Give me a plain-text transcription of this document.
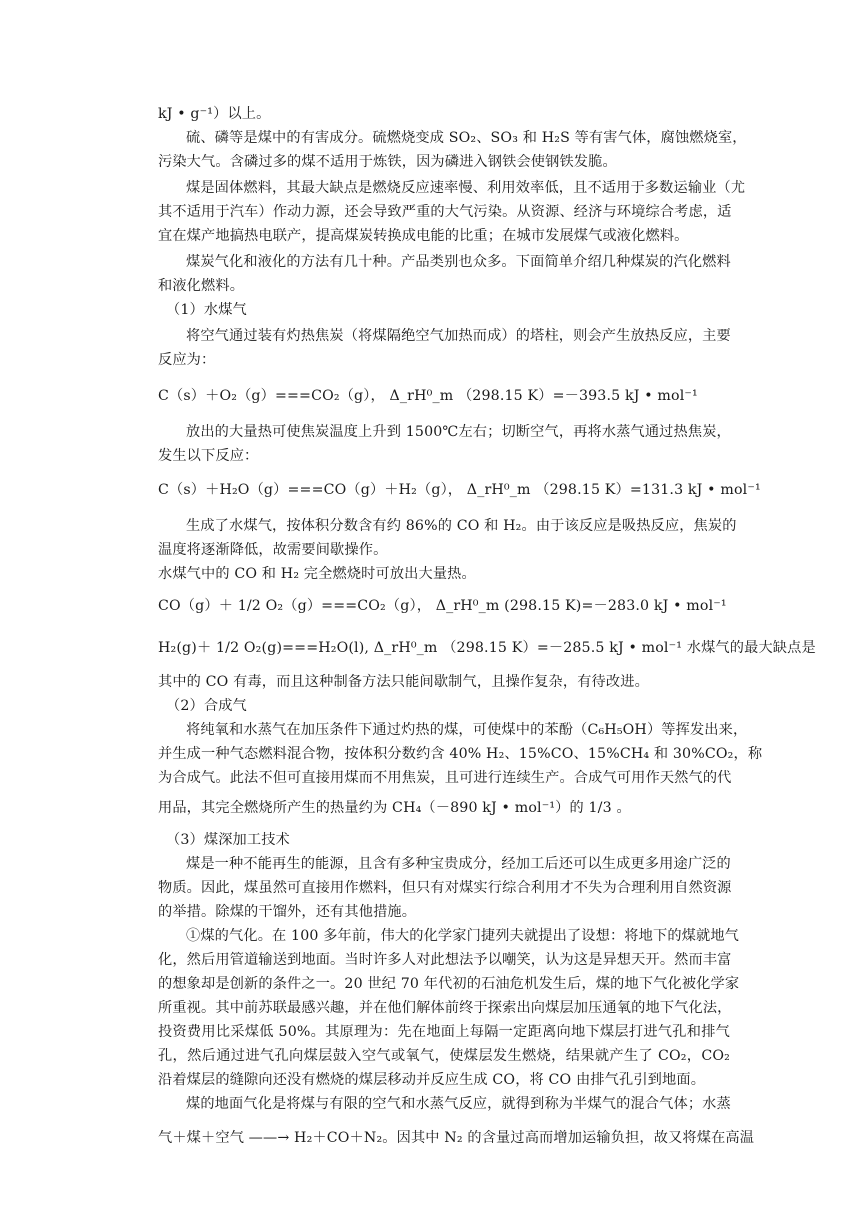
kJ • g⁻¹）以上。
硫、磷等是煤中的有害成分。硫燃烧变成 SO₂、SO₃ 和 H₂S 等有害气体，腐蚀燃烧室，
污染大气。含磷过多的煤不适用于炼铁，因为磷进入钢铁会使钢铁发脆。
煤是固体燃料，其最大缺点是燃烧反应速率慢、利用效率低，且不适用于多数运输业（尤
其不适用于汽车）作动力源，还会导致严重的大气污染。从资源、经济与环境综合考虑，适
宜在煤产地搞热电联产，提高煤炭转换成电能的比重；在城市发展煤气或液化燃料。
煤炭气化和液化的方法有几十种。产品类别也众多。下面简单介绍几种煤炭的汽化燃料
和液化燃料。
（1）水煤气
将空气通过装有灼热焦炭（将煤隔绝空气加热而成）的塔柱，则会产生放热反应，主要
反应为：
C（s）＋O₂（g）===CO₂（g）， Δ_rH⁰_m （298.15 K）=－393.5 kJ • mol⁻¹
放出的大量热可使焦炭温度上升到 1500℃左右；切断空气，再将水蒸气通过热焦炭，
发生以下反应：
C（s）＋H₂O（g）===CO（g）＋H₂（g）， Δ_rH⁰_m （298.15 K）=131.3 kJ • mol⁻¹
生成了水煤气，按体积分数含有约 86%的 CO 和 H₂。由于该反应是吸热反应，焦炭的
温度将逐渐降低，故需要间歇操作。
水煤气中的 CO 和 H₂ 完全燃烧时可放出大量热。
CO（g）＋ 1/2 O₂（g）===CO₂（g）， Δ_rH⁰_m (298.15 K)=－283.0 kJ • mol⁻¹
H₂(g)＋ 1/2 O₂(g)===H₂O(l), Δ_rH⁰_m （298.15 K）=－285.5 kJ • mol⁻¹ 水煤气的最大缺点是
其中的 CO 有毒，而且这种制备方法只能间歇制气，且操作复杂，有待改进。
（2）合成气
将纯氧和水蒸气在加压条件下通过灼热的煤，可使煤中的苯酚（C₆H₅OH）等挥发出来，
并生成一种气态燃料混合物，按体积分数约含 40% H₂、15%CO、15%CH₄ 和 30%CO₂，称
为合成气。此法不但可直接用煤而不用焦炭，且可进行连续生产。合成气可用作天然气的代
用品，其完全燃烧所产生的热量约为 CH₄（－890 kJ • mol⁻¹）的 1/3 。
（3）煤深加工技术
煤是一种不能再生的能源，且含有多种宝贵成分，经加工后还可以生成更多用途广泛的
物质。因此，煤虽然可直接用作燃料，但只有对煤实行综合利用才不失为合理利用自然资源
的举措。除煤的干馏外，还有其他措施。
①煤的气化。在 100 多年前，伟大的化学家门捷列夫就提出了设想：将地下的煤就地气
化，然后用管道输送到地面。当时许多人对此想法予以嘲笑，认为这是异想天开。然而丰富
的想象却是创新的条件之一。20 世纪 70 年代初的石油危机发生后，煤的地下气化被化学家
所重视。其中前苏联最感兴趣，并在他们解体前终于探索出向煤层加压通氧的地下气化法，
投资费用比采煤低 50%。其原理为：先在地面上每隔一定距离向地下煤层打进气孔和排气
孔，然后通过进气孔向煤层鼓入空气或氧气，使煤层发生燃烧，结果就产生了 CO₂，CO₂
沿着煤层的缝隙向还没有燃烧的煤层移动并反应生成 CO，将 CO 由排气孔引到地面。
煤的地面气化是将煤与有限的空气和水蒸气反应，就得到称为半煤气的混合气体；水蒸
气＋煤＋空气 ——→ H₂＋CO＋N₂。因其中 N₂ 的含量过高而增加运输负担，故又将煤在高温
